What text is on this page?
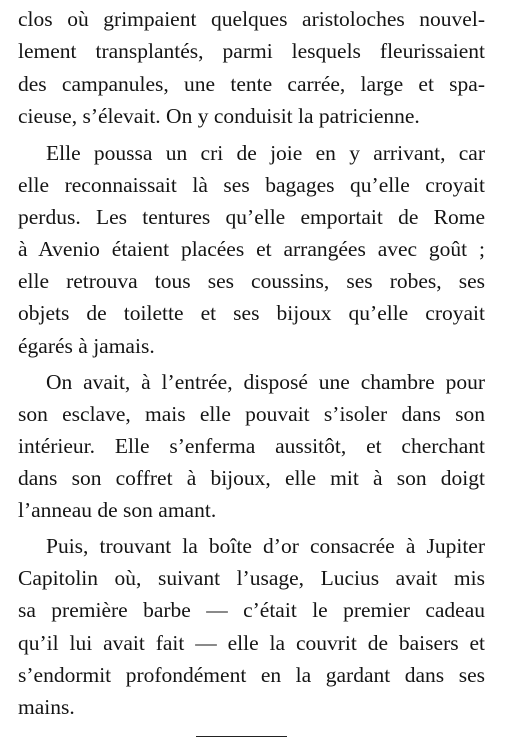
clos où grimpaient quelques aristoloches nouvel-
lement transplantés, parmi lesquels fleurissaient
des campanules, une tente carrée, large et spa-
cieuse, s’élevait. On y conduisit la patricienne.
Elle poussa un cri de joie en y arrivant, car
elle reconnaissait là ses bagages qu’elle croyait
perdus. Les tentures qu’elle emportait de Rome
à Avenio étaient placées et arrangées avec goût ;
elle retrouva tous ses coussins, ses robes, ses
objets de toilette et ses bijoux qu’elle croyait
égarés à jamais.
On avait, à l’entrée, disposé une chambre pour
son esclave, mais elle pouvait s’isoler dans son
intérieur. Elle s’enferma aussitôt, et cherchant
dans son coffret à bijoux, elle mit à son doigt
l’anneau de son amant.
Puis, trouvant la boîte d’or consacrée à Jupiter
Capitolin où, suivant l’usage, Lucius avait mis
sa première barbe — c’était le premier cadeau
qu’il lui avait fait — elle la couvrit de baisers et
s’endormit profondément en la gardant dans ses
mains.
